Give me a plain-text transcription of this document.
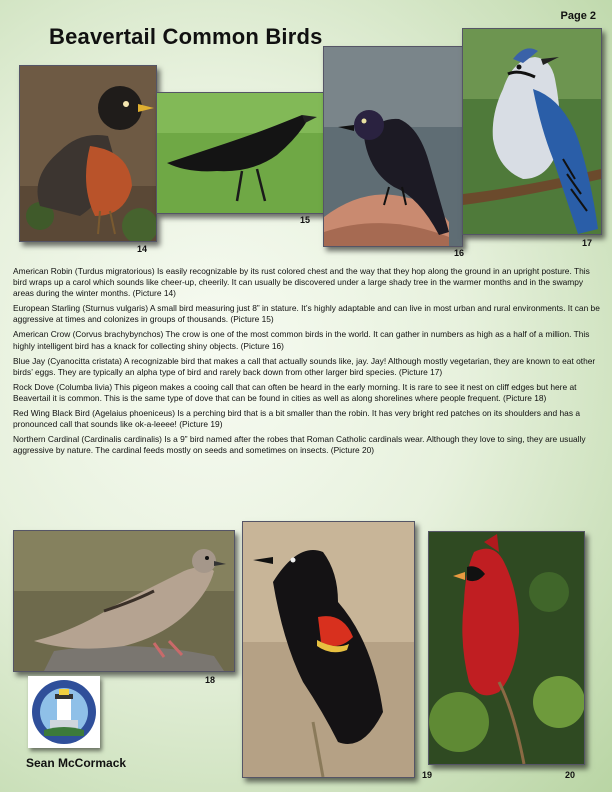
Page 2
Beavertail Common Birds
14
15
16
17

American Robin (Turdus migratorious) Is easily recognizable by its rust colored chest and the way that they hop along the ground in an upright posture. This bird wraps up a carol which sounds like cheer-up, cheerily. It can usually be discovered under a large shady tree in the warmer months and in the swampy areas during the winter months. (Picture 14)

European Starling (Sturnus vulgaris) A small bird measuring just 8” in stature. It’s highly adaptable and can live in most urban and rural environments. It can be aggressive at times and colonizes in groups of thousands. (Picture 15)

American Crow (Corvus brachybynchos) The crow is one of the most common birds in the world. It can gather in numbers as high as a half of a million. This highly intelligent bird has a knack for collecting shiny objects. (Picture 16)

Blue Jay (Cyanocitta cristata) A recognizable bird that makes a call that actually sounds like, jay. Jay! Although mostly vegetarian, they are known to eat other birds’ eggs. They are typically an alpha type of bird and rarely back down from other larger bird species. (Picture 17)

Rock Dove (Columba livia) This pigeon makes a cooing call that can often be heard in the early morning. It is rare to see it nest on cliff edges but here at Beavertail it is common. This is the same type of dove that can be found in cities as well as along shorelines where people frequent. (Picture 18)

Red Wing Black Bird (Agelaius phoeniceus) Is a perching bird that is a bit smaller than the robin. It has very bright red patches on its shoulders and has a pronounced call that sounds like ok-a-leeee! (Picture 19)

Northern Cardinal (Cardinalis cardinalis) Is a 9” bird named after the robes that Roman Catholic cardinals wear. Although they love to sing, they are usually aggressive by nature. The cardinal feeds mostly on seeds and sometimes on insects. (Picture 20)

18
19	20
Sean McCormack
